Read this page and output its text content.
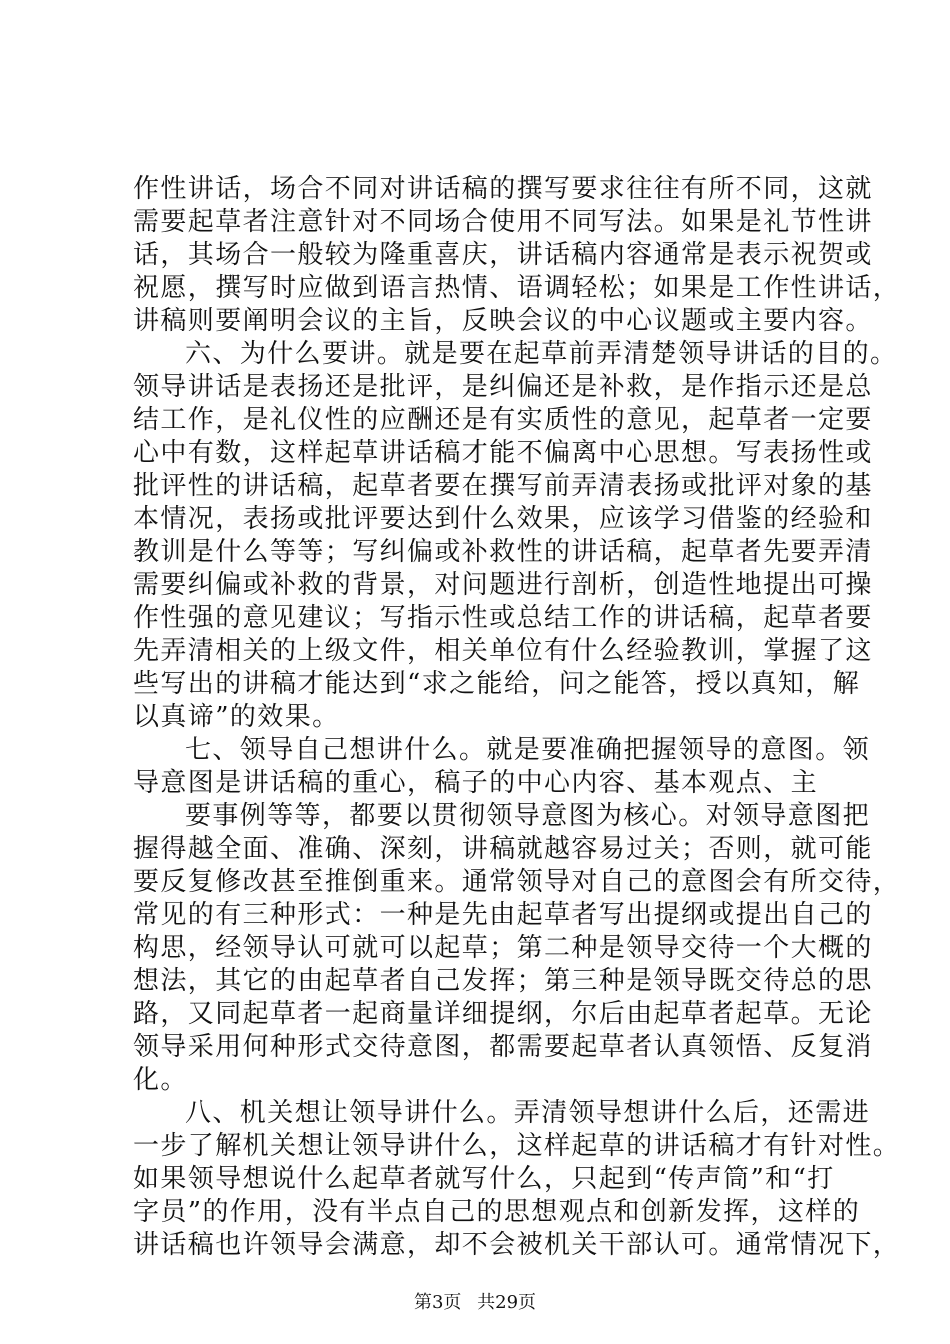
作性讲话，场合不同对讲话稿的撰写要求往往有所不同，这就
需要起草者注意针对不同场合使用不同写法。如果是礼节性讲
话，其场合一般较为隆重喜庆，讲话稿内容通常是表示祝贺或
祝愿，撰写时应做到语言热情、语调轻松；如果是工作性讲话，
讲稿则要阐明会议的主旨，反映会议的中心议题或主要内容。
六、为什么要讲。就是要在起草前弄清楚领导讲话的目的。
领导讲话是表扬还是批评，是纠偏还是补救，是作指示还是总
结工作，是礼仪性的应酬还是有实质性的意见，起草者一定要
心中有数，这样起草讲话稿才能不偏离中心思想。写表扬性或
批评性的讲话稿，起草者要在撰写前弄清表扬或批评对象的基
本情况，表扬或批评要达到什么效果，应该学习借鉴的经验和
教训是什么等等；写纠偏或补救性的讲话稿，起草者先要弄清
需要纠偏或补救的背景，对问题进行剖析，创造性地提出可操
作性强的意见建议；写指示性或总结工作的讲话稿，起草者要
先弄清相关的上级文件，相关单位有什么经验教训，掌握了这
些写出的讲稿才能达到“求之能给，问之能答，授以真知，解
以真谛”的效果。
七、领导自己想讲什么。就是要准确把握领导的意图。领
导意图是讲话稿的重心，稿子的中心内容、基本观点、主
要事例等等，都要以贯彻领导意图为核心。对领导意图把
握得越全面、准确、深刻，讲稿就越容易过关；否则，就可能
要反复修改甚至推倒重来。通常领导对自己的意图会有所交待，
常见的有三种形式：一种是先由起草者写出提纲或提出自己的
构思，经领导认可就可以起草；第二种是领导交待一个大概的
想法，其它的由起草者自己发挥；第三种是领导既交待总的思
路，又同起草者一起商量详细提纲，尔后由起草者起草。无论
领导采用何种形式交待意图，都需要起草者认真领悟、反复消
化。
八、机关想让领导讲什么。弄清领导想讲什么后，还需进
一步了解机关想让领导讲什么，这样起草的讲话稿才有针对性。
如果领导想说什么起草者就写什么，只起到“传声筒”和“打
字员”的作用，没有半点自己的思想观点和创新发挥，这样的
讲话稿也许领导会满意，却不会被机关干部认可。通常情况下，
第3页 共29页
